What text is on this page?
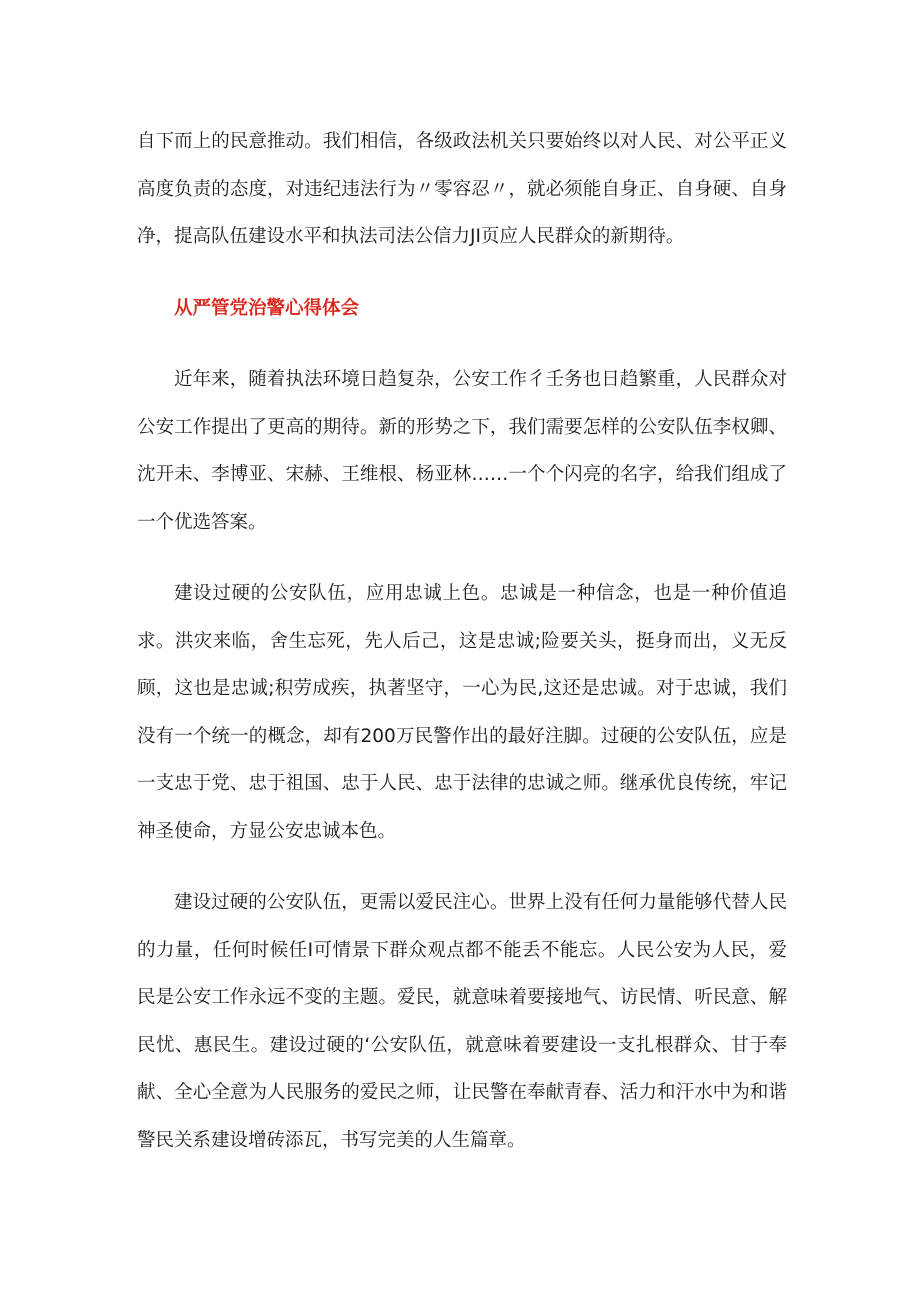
自下而上的民意推动。我们相信，各级政法机关只要始终以对人民、对公平正义高度负责的态度，对违纪违法行为〃零容忍〃，就必须能自身正、自身硬、自身净，提高队伍建设水平和执法司法公信力JI页应人民群众的新期待。

从严管党治警心得体会

近年来，随着执法环境日趋复杂，公安工作彳壬务也日趋繁重，人民群众对公安工作提出了更高的期待。新的形势之下，我们需要怎样的公安队伍李权卿、沈开未、李博亚、宋赫、王维根、杨亚林……一个个闪亮的名字，给我们组成了一个优选答案。

建设过硬的公安队伍，应用忠诚上色。忠诚是一种信念，也是一种价值追求。洪灾来临，舍生忘死，先人后己，这是忠诚;险要关头，挺身而出，义无反顾，这也是忠诚;积劳成疾，执著坚守，一心为民,这还是忠诚。对于忠诚，我们没有一个统一的概念，却有200万民警作出的最好注脚。过硬的公安队伍，应是一支忠于党、忠于祖国、忠于人民、忠于法律的忠诚之师。继承优良传统，牢记神圣使命，方显公安忠诚本色。

建设过硬的公安队伍，更需以爱民注心。世界上没有任何力量能够代替人民的力量，任何时候任I可情景下群众观点都不能丢不能忘。人民公安为人民，爱民是公安工作永远不变的主题。爱民，就意味着要接地气、访民情、听民意、解民忧、惠民生。建设过硬的‘公安队伍，就意味着要建设一支扎根群众、甘于奉献、全心全意为人民服务的爱民之师，让民警在奉献青春、活力和汗水中为和谐警民关系建设增砖添瓦，书写完美的人生篇章。
